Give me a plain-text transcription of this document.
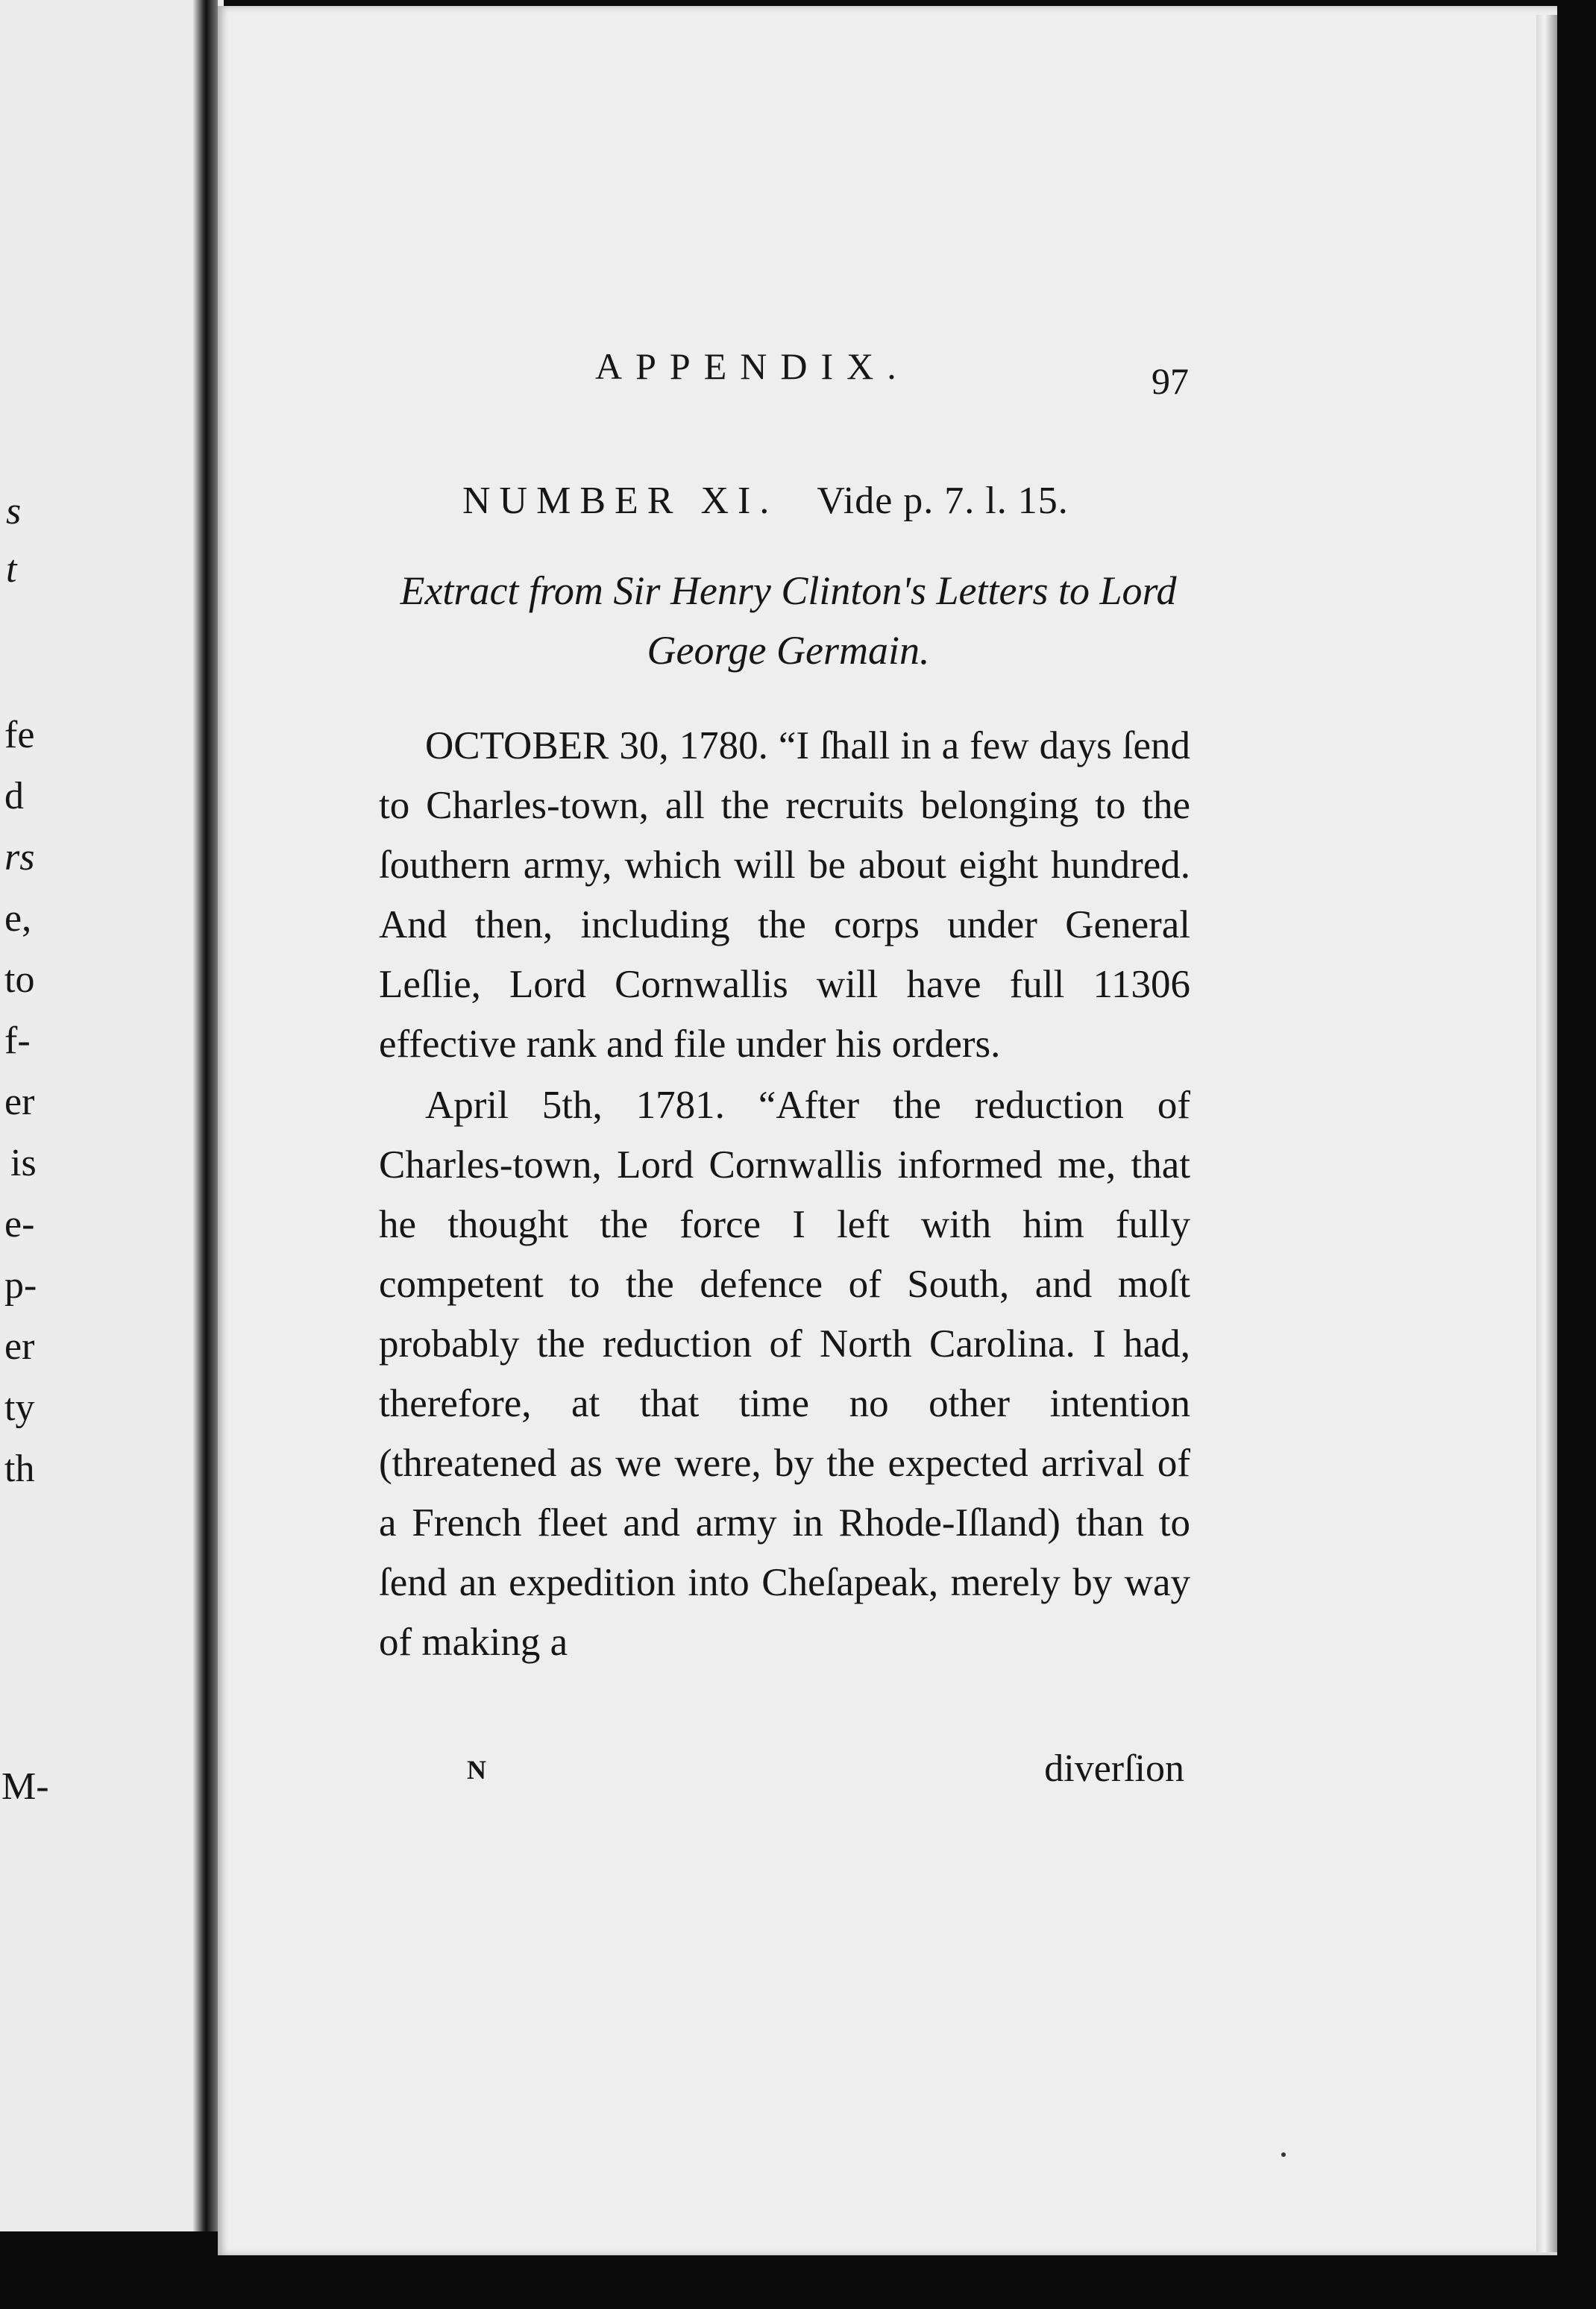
s
t
fe
d
rs
e,
to
f-
er
is
e-
p-
er
ty
th
M-
APPENDIX.	97
NUMBER XI. Vide p. 7. l. 15.
Extract from Sir Henry Clinton's Letters to Lord George Germain.

OCTOBER 30, 1780. “I ſhall in a few days ſend to Charles-town, all the recruits belonging to the ſouthern army, which will be about eight hundred. And then, including the corps under General Leſlie, Lord Cornwallis will have full 11306 effective rank and file under his orders.

April 5th, 1781. “After the reduction of Charles-town, Lord Cornwallis informed me, that he thought the force I left with him fully competent to the defence of South, and moſt probably the reduction of North Carolina. I had, therefore, at that time no other intention (threatened as we were, by the expected arrival of a French fleet and army in Rhode-Iſland) than to ſend an expedition into Cheſapeak, merely by way of making a

N	diverſion
